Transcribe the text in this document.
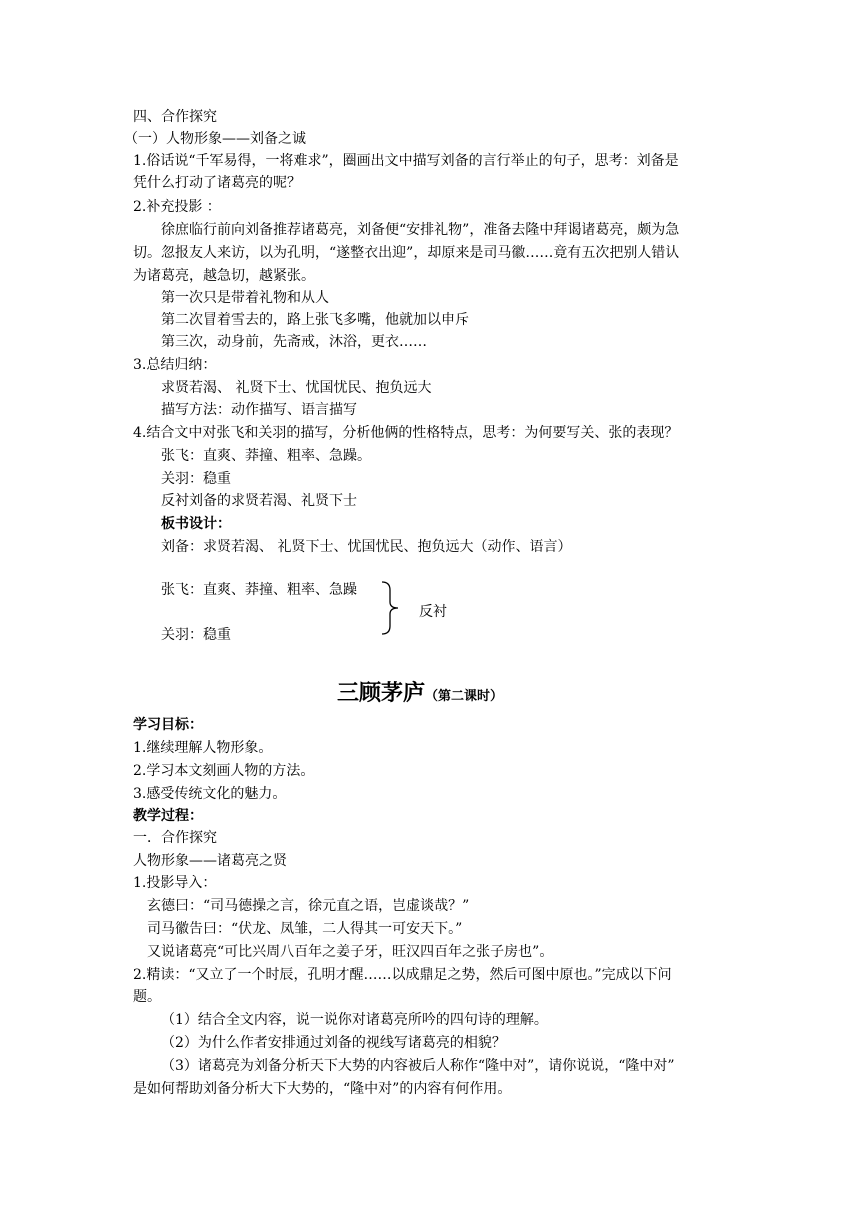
四、合作探究
（一）人物形象——刘备之诚
1.俗话说“千军易得，一将难求”，圈画出文中描写刘备的言行举止的句子，思考：刘备是
凭什么打动了诸葛亮的呢？
2.补充投影 ：
徐庶临行前向刘备推荐诸葛亮，刘备便“安排礼物”，准备去隆中拜谒诸葛亮，颇为急
切。忽报友人来访，以为孔明，“遂整衣出迎”，却原来是司马徽……竟有五次把别人错认
为诸葛亮，越急切，越紧张。
第一次只是带着礼物和从人
第二次冒着雪去的，路上张飞多嘴，他就加以申斥
第三次，动身前，先斋戒，沐浴，更衣……
3.总结归纳：
求贤若渴、 礼贤下士、忧国忧民、抱负远大
描写方法：动作描写、语言描写
4.结合文中对张飞和关羽的描写，分析他俩的性格特点，思考：为何要写关、张的表现？
张飞：直爽、莽撞、粗率、急躁。
关羽：稳重
反衬刘备的求贤若渴、礼贤下士
板书设计：
刘备：求贤若渴、 礼贤下士、忧国忧民、抱负远大（动作、语言）
张飞：直爽、莽撞、粗率、急躁
反衬
关羽：稳重
三顾茅庐（第二课时）
学习目标：
1.继续理解人物形象。
2.学习本文刻画人物的方法。
3.感受传统文化的魅力。
教学过程：
一．合作探究
人物形象——诸葛亮之贤
1.投影导入：
玄德曰：“司马德操之言，徐元直之语，岂虚谈哉？”
司马徽告曰：“伏龙、凤雏，二人得其一可安天下。”
又说诸葛亮“可比兴周八百年之姜子牙，旺汉四百年之张子房也”。
2.精读：“又立了一个时辰，孔明才醒……以成鼎足之势，然后可图中原也。”完成以下问
题。
（1）结合全文内容，说一说你对诸葛亮所吟的四句诗的理解。
（2）为什么作者安排通过刘备的视线写诸葛亮的相貌？
（3）诸葛亮为刘备分析天下大势的内容被后人称作“隆中对”，请你说说，“隆中对”
是如何帮助刘备分析大下大势的，“隆中对”的内容有何作用。
